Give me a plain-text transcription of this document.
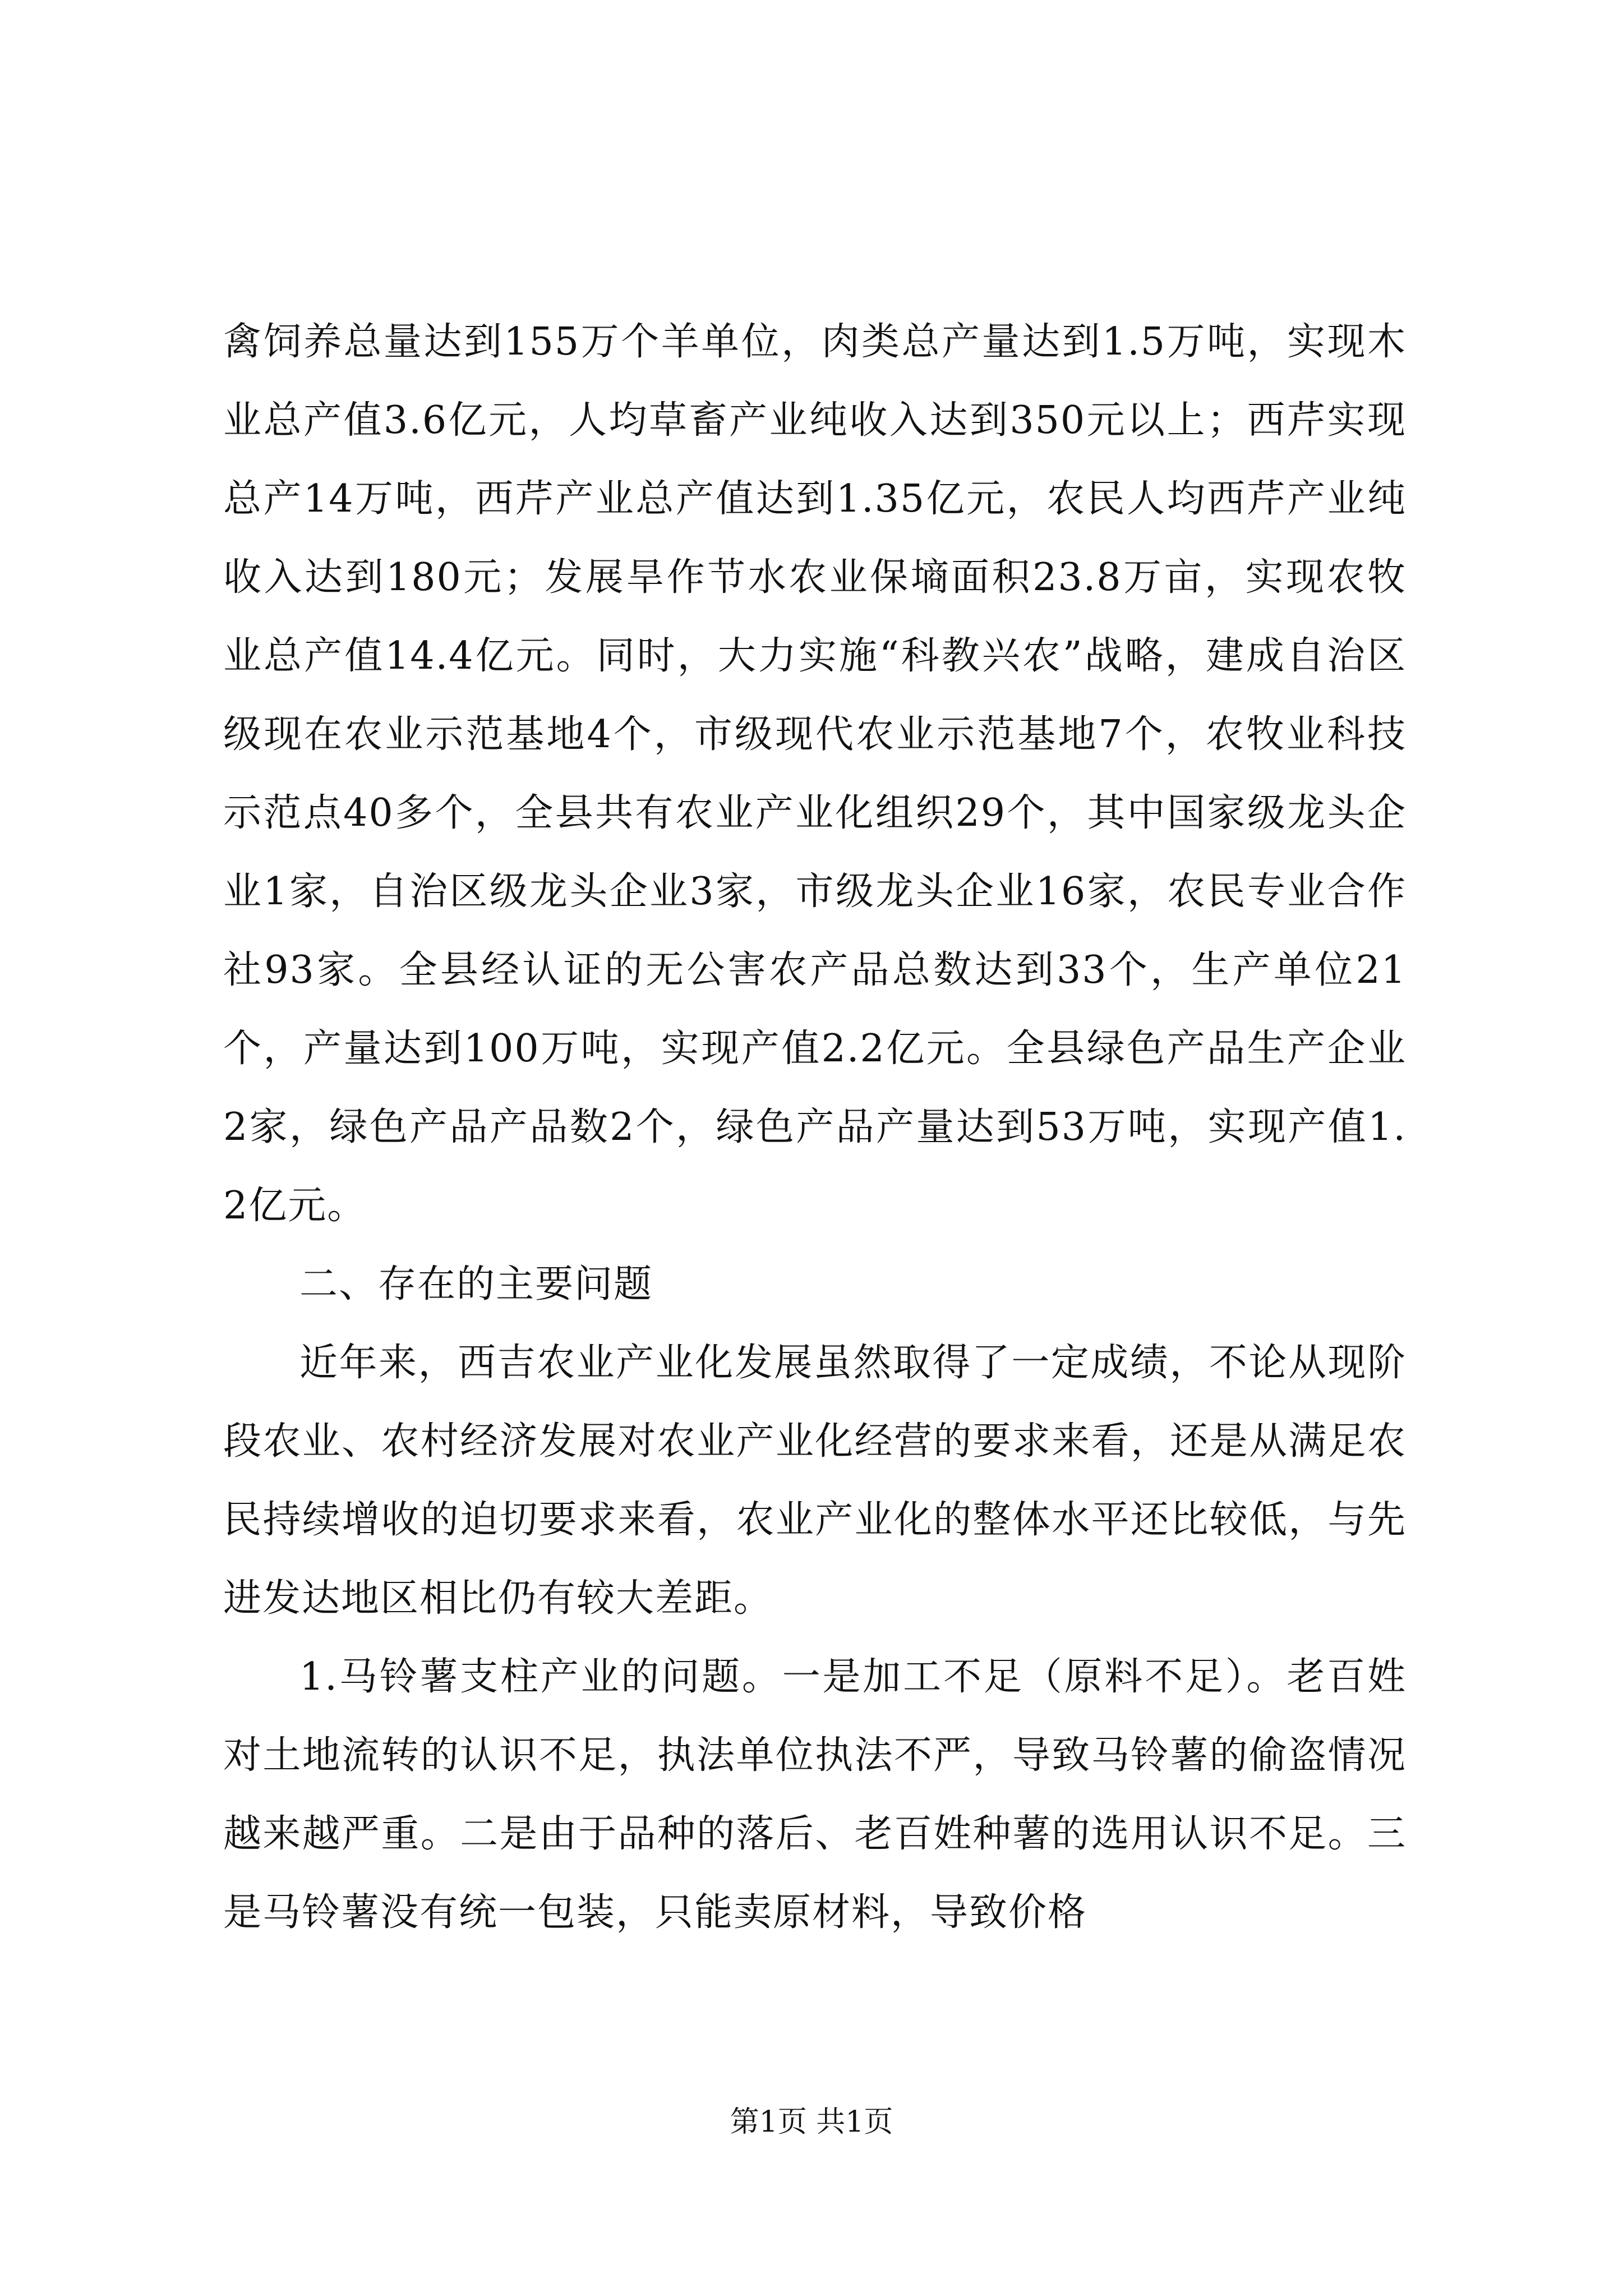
禽饲养总量达到155万个羊单位，肉类总产量达到1.5万吨，实现木业总产值3.6亿元，人均草畜产业纯收入达到350元以上；西芹实现总产14万吨，西芹产业总产值达到1.35亿元，农民人均西芹产业纯收入达到180元；发展旱作节水农业保墒面积23.8万亩，实现农牧业总产值14.4亿元。同时，大力实施“科教兴农”战略，建成自治区级现在农业示范基地4个，市级现代农业示范基地7个，农牧业科技示范点40多个，全县共有农业产业化组织29个，其中国家级龙头企业1家，自治区级龙头企业3家，市级龙头企业16家，农民专业合作社93家。全县经认证的无公害农产品总数达到33个，生产单位21个，产量达到100万吨，实现产值2.2亿元。全县绿色产品生产企业2家，绿色产品产品数2个，绿色产品产量达到53万吨，实现产值1.2亿元。

二、存在的主要问题

近年来，西吉农业产业化发展虽然取得了一定成绩，不论从现阶段农业、农村经济发展对农业产业化经营的要求来看，还是从满足农民持续增收的迫切要求来看，农业产业化的整体水平还比较低，与先进发达地区相比仍有较大差距。

1.马铃薯支柱产业的问题。一是加工不足（原料不足）。老百姓对土地流转的认识不足，执法单位执法不严，导致马铃薯的偷盗情况越来越严重。二是由于品种的落后、老百姓种薯的选用认识不足。三是马铃薯没有统一包装，只能卖原材料，导致价格

第1页 共1页
